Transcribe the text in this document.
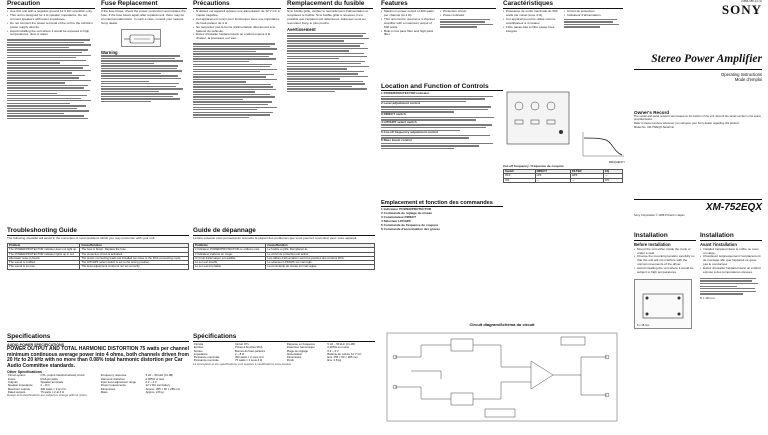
Precaution
• Use this unit with a negative ground 12 V DC operation only.
• This unit is designed for 4 Ω speaker impedance. Do not connect speakers with lower impedance.
• Do not connect the power terminal of the unit to the vehicle's power supply directly.
• Avoid installing the unit where it would be exposed to high temperatures, dust or water.
Fuse Replacement
If the fuse blows, check the power connection and replace the fuse. If the fuse blows again after replacement, there may be an internal malfunction. In such a case, consult your nearest Sony dealer.
Warning
Précautions
• N'utilisez cet appareil qu'avec une alimentation de 12 V CC à masse négative.
• Cet appareil est conçu pour fonctionner avec une impédance de haut-parleur de 4 Ω.
• Ne raccordez pas la borne d'alimentation directement à la batterie du véhicule.
• Évitez d'installer l'appareil dans un endroit exposé à la chaleur, la poussière ou l'eau.
Remplacement du fusible
Si le fusible grille, vérifiez le raccordement d'alimentation et remplacez le fusible. Si le fusible grille à nouveau, il est possible que l'appareil soit défectueux. Adressez-vous au revendeur Sony le plus proche.
Avertissement
Features
• Maximum power output of 300 watts per channel (at 4 Ω).
• This unit can be used as a 4-channel amplifier with a maximum output of 600 watts.
• Built-in low pass filter and high pass filter.
• Protection circuit.
• Power indicator.
Caractéristiques
• Puissance de sortie maximale de 300 watts par canal (sous 4 Ω).
• Cet appareil peut être utilisé comme amplificateur à 4 canaux.
• Filtre passe-bas et filtre passe-haut intégrés.
• Circuit de protection.
• Indicateur d'alimentation.
3-868-188-14 (1)
SONY
Stereo Power Amplifier
Operating Instructions
Mode d'emploi
Owner's Record
The model and serial numbers are located on the bottom of the unit. Record the serial number in the space provided below.
Refer to these numbers whenever you call upon your Sony dealer regarding this product.
Model No. XM-752EQX Serial No.
XM-752EQX
Sony Corporation © 1998 Printed in Japan
Location and Function of Controls
1 POWER/PROTECTOR indicator
2 Level adjustment control
3 DIRECT switch
4 LPF/HPF select switch
5 Cut-off frequency adjustment control
6 Bass boost control
FREQUENCY
Cut-off frequency / fréquence de coupure
Switch	DIRECT	FILTER	EQ
OFF	LPF	HPF	—
ON	—	—	ON
Troubleshooting Guide
The following checklist will assist in the correction of most problems which you may encounter with your unit.
Problem	Cause/Solution
The POWER/PROTECTOR indicator does not light up.	The fuse is blown. Replace the fuse.
The POWER/PROTECTOR indicator lights up in red.	The protection circuit is activated.
Alternator noise is heard.	The power connecting leads are installed too close to the RCA connecting cords.
The sound is muffled.	The LPF/HPF select switch is set to the wrong position.
The sound is too low.	The level adjustment control is not set correctly.
Guide de dépannage
La liste suivante vous permettra de résoudre la plupart des problèmes que vous pourriez rencontrer avec votre appareil.
Problème	Cause/Solution
L'indicateur POWER/PROTECTOR ne s'allume pas.	Le fusible a grillé. Remplacez-le.
L'indicateur s'allume en rouge.	Le circuit de protection est activé.
Un bruit d'alternateur est audible.	Les câbles d'alimentation sont trop proches des cordons RCA.
Le son est étouffé.	Le sélecteur LPF/HPF est mal réglé.
Le son est trop faible.	La commande de niveau est mal réglée.
Specifications
AUDIO POWER SPECIFICATIONS
POWER OUTPUT AND TOTAL HARMONIC DISTORTION 75 watts per channel minimum continuous average power into 4 ohms, both channels driven from 20 Hz to 20 kHz with no more than 0.08% total harmonic distortion per Car Audio Committee standards.
Other Specifications
Circuit system	OTL (output transformerless) circuit
Inputs	RCA pin jacks
Outputs	Speaker terminals
Speaker impedance	2 – 8 Ω
Maximum outputs	300 watts × 2 at 4 Ω
Rated outputs	75 watts × 2 at 4 Ω
Frequency response	5 Hz – 50 kHz (±1 dB)
Harmonic distortion	0.005% or less
Input level adjustment range	0.2 – 4 V
Power requirements	12 V DC car battery
Dimensions	Approx. 255 × 60 × 285 mm
Mass	Approx. 2.8 kg
Design and specifications are subject to change without notice.
Spécifications
Circuits	Circuit OTL
Entrées	Prises à broches RCA
Sorties	Bornes de haut-parleurs
Impédance	2 – 8 Ω
Puissance maximale	300 watts × 2 sous 4 Ω
Puissance nominale	75 watts × 2 sous 4 Ω
Réponse en fréquence	5 Hz – 50 kHz (±1 dB)
Distorsion harmonique	0,005% ou moins
Plage de réglage	0,2 – 4 V
Alimentation	Batterie de voiture 12 V CC
Dimensions	Env. 255 × 60 × 285 mm
Poids	Env. 2,8 kg
La conception et les spécifications sont sujettes à modifications sans préavis.
Emplacement et fonction des commandes
1 Indicateur POWER/PROTECTOR
2 Commande de réglage du niveau
3 Commutateur DIRECT
4 Sélecteur LPF/HPF
5 Commande de fréquence de coupure
6 Commande d'accentuation des graves
Circuit diagram/Schéma du circuit
Installation
Before Installation
• Mount the unit either inside the trunk or under a seat.
• Choose the mounting location carefully so that the unit will not interfere with the normal movements of the driver.
• Avoid installing the unit where it would be subject to high temperatures.
5 × 18 mm
Installation
Avant l'installation
• Installez l'appareil dans le coffre ou sous un siège.
• Choisissez soigneusement l'emplacement de montage afin que l'appareil ne gêne pas le conducteur.
• Évitez d'installer l'appareil dans un endroit exposé à des températures élevées.
5 × 18 mm
